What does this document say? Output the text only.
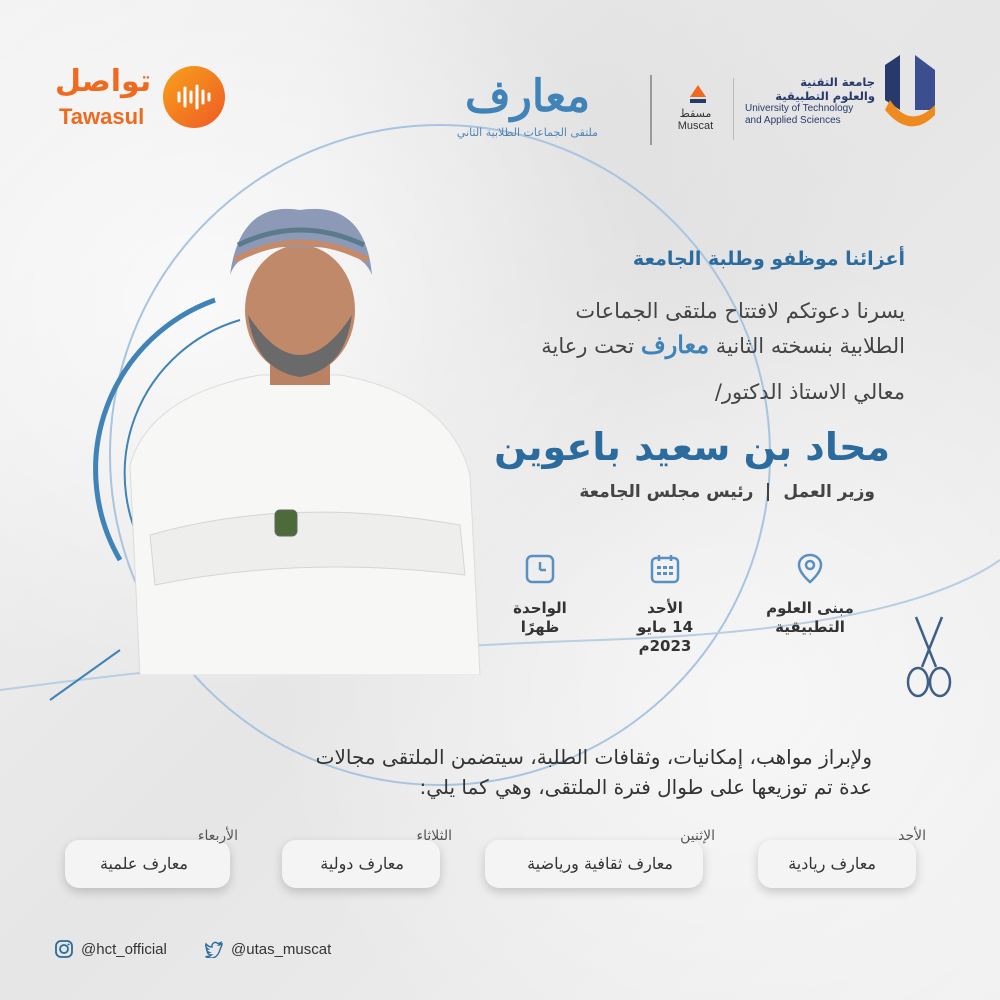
تواصل
Tawasul	معارف
ملتقى الجماعات الطلابية الثاني
مسقط
Muscat
جامعة التقنية
والعلوم التطبيقية
University of Technology
and Applied Sciences
أعزائنا موظفو وطلبة الجامعة
يسرنا دعوتكم لافتتاح ملتقى الجماعات
الطلابية بنسخته الثانية معارف تحت رعاية
معالي الاستاذ الدكتور/
محاد بن سعيد باعوين
وزير العملرئيس مجلس الجامعة
مبنى العلوم
التطبيقية
الأحد
14 مايو 2023م
الواحدة
ظهرًا
ولإبراز مواهب، إمكانيات، وثقافات الطلبة، سيتضمن الملتقى مجالات
عدة تم توزيعها على طوال فترة الملتقى، وهي كما يلي:
الأحد
معارف ريادية
الإثنين
معارف ثقافية ورياضية
الثلاثاء
معارف دولية
الأربعاء
معارف علمية
@hct_official	@utas_muscat
